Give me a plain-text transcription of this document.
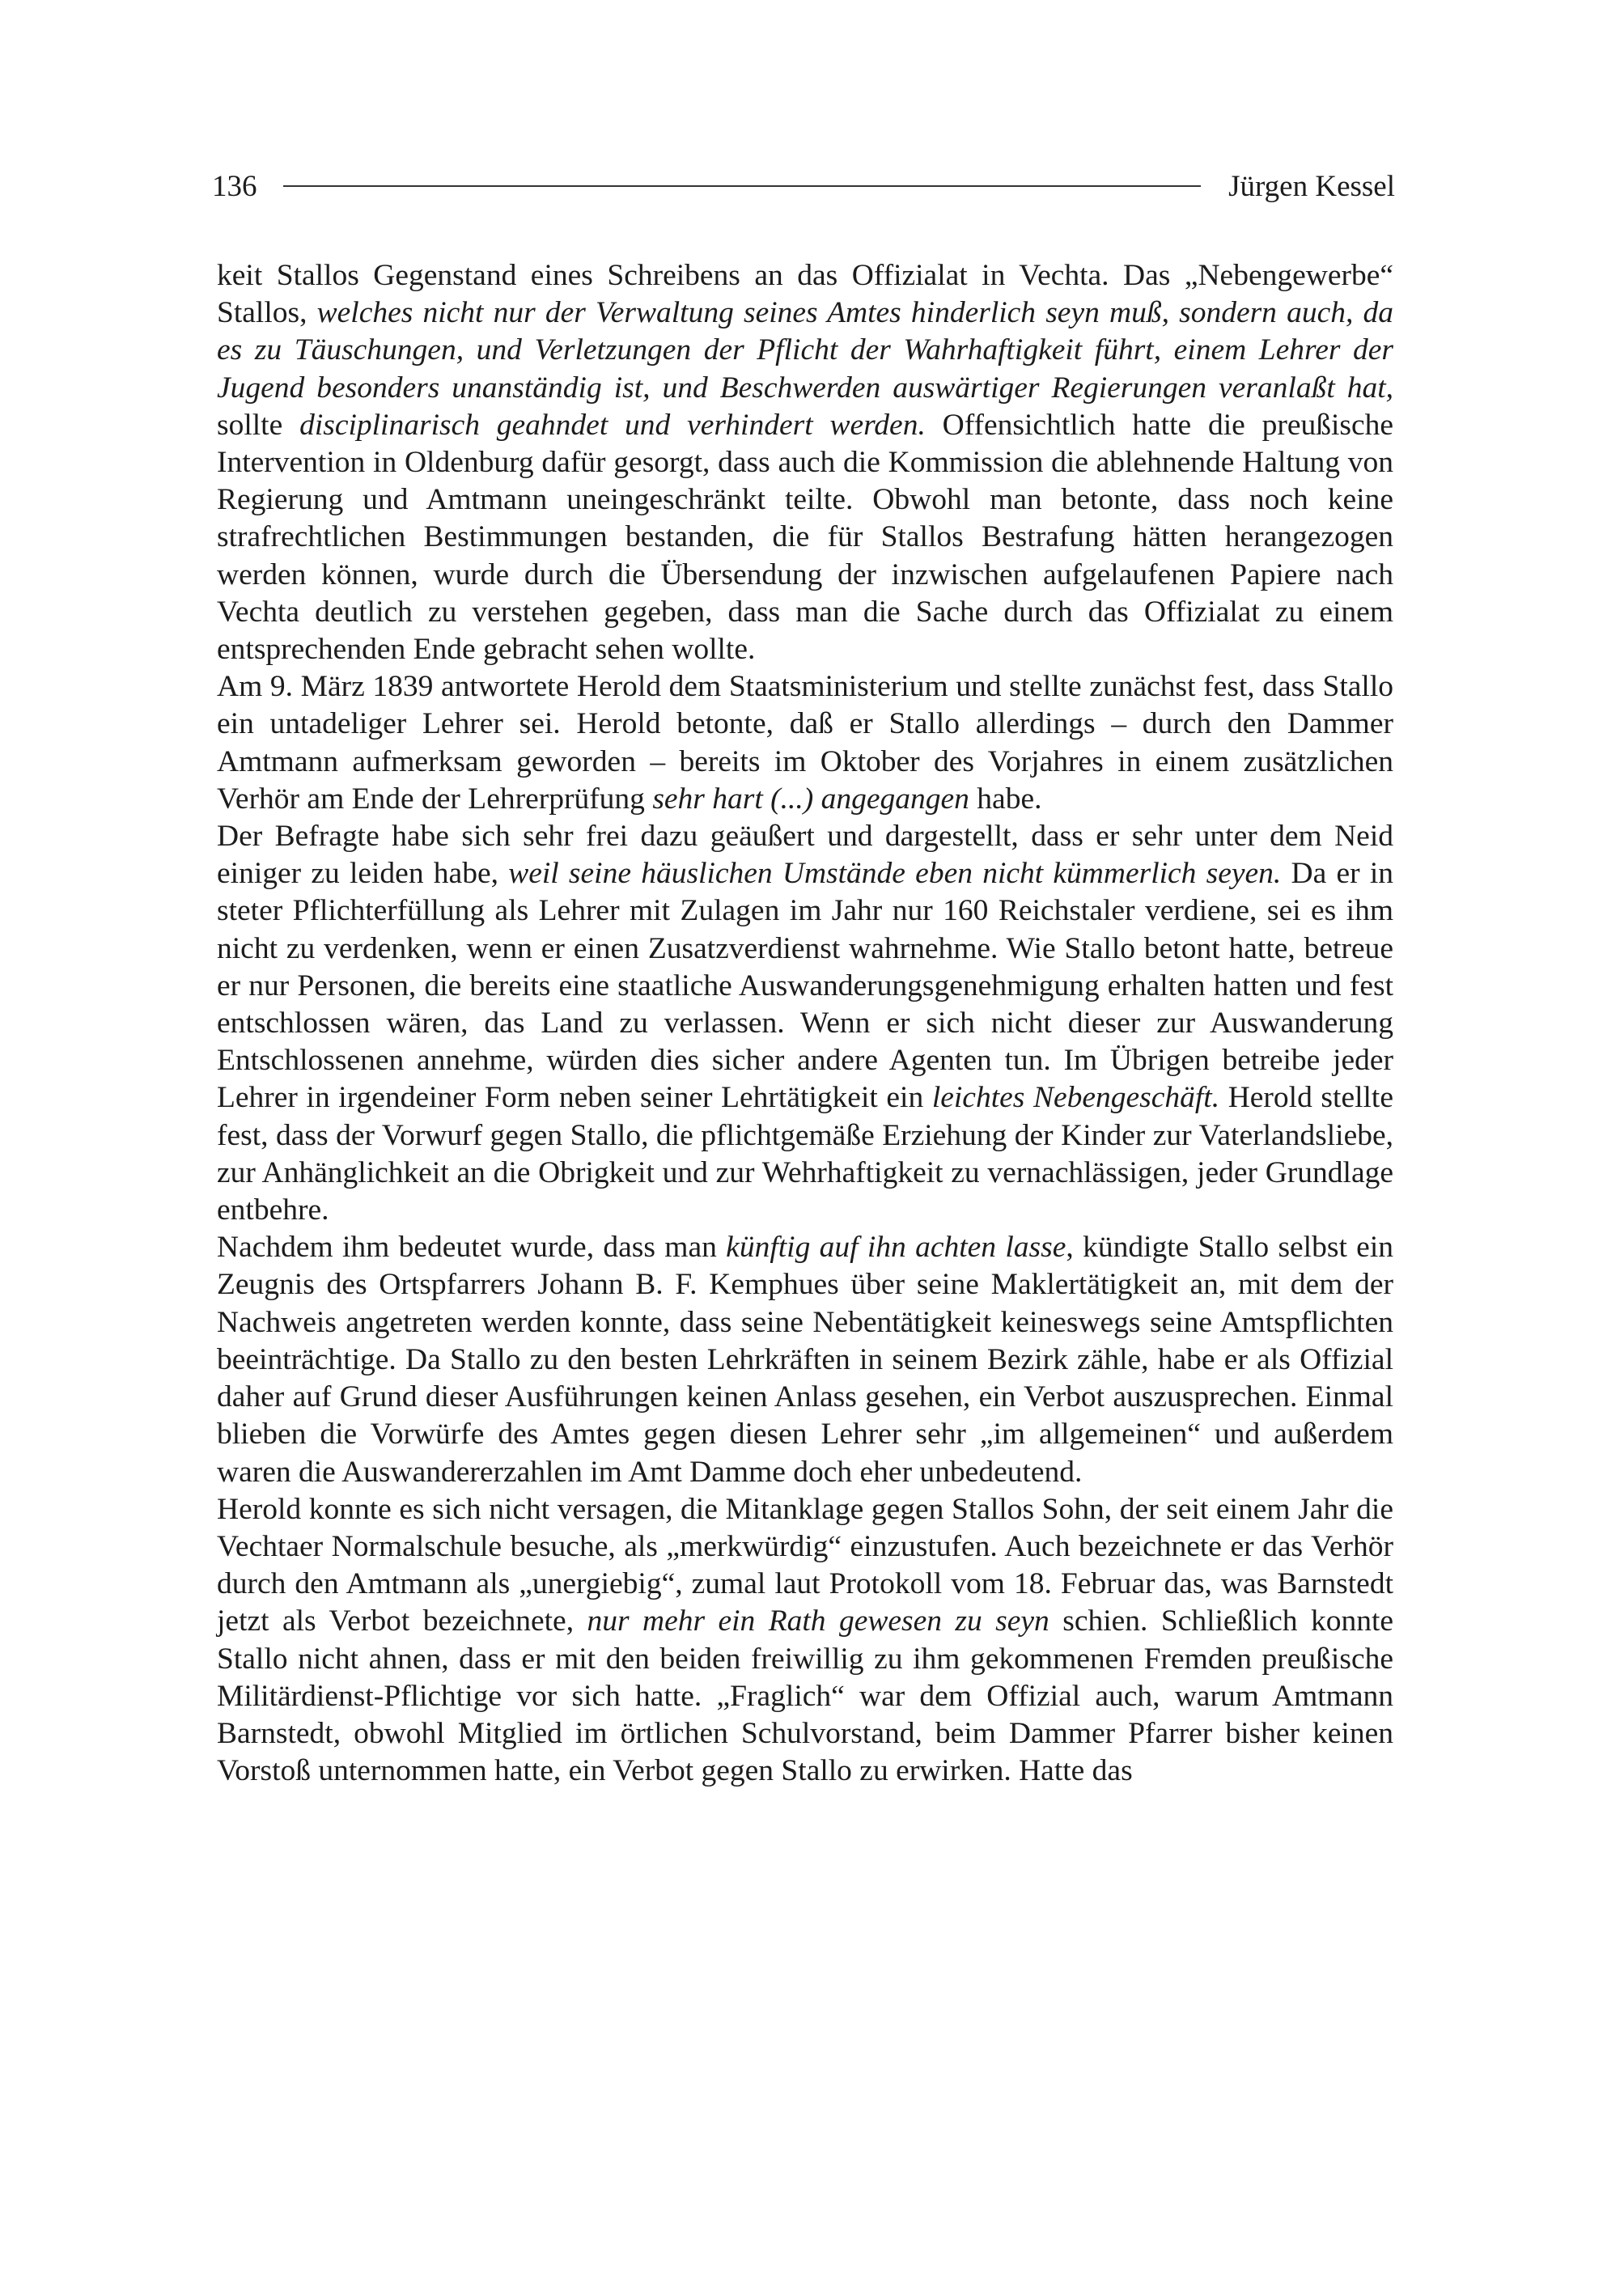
136	Jürgen Kessel

keit Stallos Gegenstand eines Schreibens an das Offizialat in Vechta. Das „Nebengewerbe“ Stallos, welches nicht nur der Verwaltung seines Amtes hinderlich seyn muß, sondern auch, da es zu Täuschungen, und Verletzungen der Pflicht der Wahrhaftigkeit führt, einem Lehrer der Jugend besonders unanständig ist, und Beschwerden auswärtiger Regierungen veranlaßt hat, sollte disciplinarisch geahndet und verhindert werden. Offensichtlich hatte die preußische Intervention in Oldenburg dafür gesorgt, dass auch die Kommission die ablehnende Haltung von Regierung und Amtmann uneingeschränkt teilte. Obwohl man betonte, dass noch keine strafrechtlichen Bestimmungen bestanden, die für Stallos Bestrafung hätten herangezogen werden können, wurde durch die Übersendung der inzwischen aufgelaufenen Papiere nach Vechta deutlich zu verstehen gegeben, dass man die Sache durch das Offizialat zu einem entsprechenden Ende gebracht sehen wollte.

Am 9. März 1839 antwortete Herold dem Staatsministerium und stellte zunächst fest, dass Stallo ein untadeliger Lehrer sei. Herold betonte, daß er Stallo allerdings – durch den Dammer Amtmann aufmerksam geworden – bereits im Oktober des Vorjahres in einem zusätzlichen Verhör am Ende der Lehrerprüfung sehr hart (...) angegangen habe.

Der Befragte habe sich sehr frei dazu geäußert und dargestellt, dass er sehr unter dem Neid einiger zu leiden habe, weil seine häuslichen Umstände eben nicht kümmerlich seyen. Da er in steter Pflichterfüllung als Lehrer mit Zulagen im Jahr nur 160 Reichstaler verdiene, sei es ihm nicht zu verdenken, wenn er einen Zusatzverdienst wahrnehme. Wie Stallo betont hatte, betreue er nur Personen, die bereits eine staatliche Auswanderungsgenehmigung erhalten hatten und fest entschlossen wären, das Land zu verlassen. Wenn er sich nicht dieser zur Auswanderung Entschlossenen annehme, würden dies sicher andere Agenten tun. Im Übrigen betreibe jeder Lehrer in irgendeiner Form neben seiner Lehrtätigkeit ein leichtes Nebengeschäft. Herold stellte fest, dass der Vorwurf gegen Stallo, die pflichtgemäße Erziehung der Kinder zur Vaterlandsliebe, zur Anhänglichkeit an die Obrigkeit und zur Wehrhaftigkeit zu vernachlässigen, jeder Grundlage entbehre.

Nachdem ihm bedeutet wurde, dass man künftig auf ihn achten lasse, kündigte Stallo selbst ein Zeugnis des Ortspfarrers Johann B. F. Kemphues über seine Maklertätigkeit an, mit dem der Nachweis angetreten werden konnte, dass seine Nebentätigkeit keineswegs seine Amtspflichten beeinträchtige. Da Stallo zu den besten Lehrkräften in seinem Bezirk zähle, habe er als Offizial daher auf Grund dieser Ausführungen keinen Anlass gesehen, ein Verbot auszusprechen. Einmal blieben die Vorwürfe des Amtes gegen diesen Lehrer sehr „im allgemeinen“ und außerdem waren die Auswandererzahlen im Amt Damme doch eher unbedeutend.

Herold konnte es sich nicht versagen, die Mitanklage gegen Stallos Sohn, der seit einem Jahr die Vechtaer Normalschule besuche, als „merkwürdig“ einzustufen. Auch bezeichnete er das Verhör durch den Amtmann als „unergiebig“, zumal laut Protokoll vom 18. Februar das, was Barnstedt jetzt als Verbot bezeichnete, nur mehr ein Rath gewesen zu seyn schien. Schließlich konnte Stallo nicht ahnen, dass er mit den beiden freiwillig zu ihm gekommenen Fremden preußische Militärdienst-Pflichtige vor sich hatte. „Fraglich“ war dem Offizial auch, warum Amtmann Barnstedt, obwohl Mitglied im örtlichen Schulvorstand, beim Dammer Pfarrer bisher keinen Vorstoß unternommen hatte, ein Verbot gegen Stallo zu erwirken. Hatte das
